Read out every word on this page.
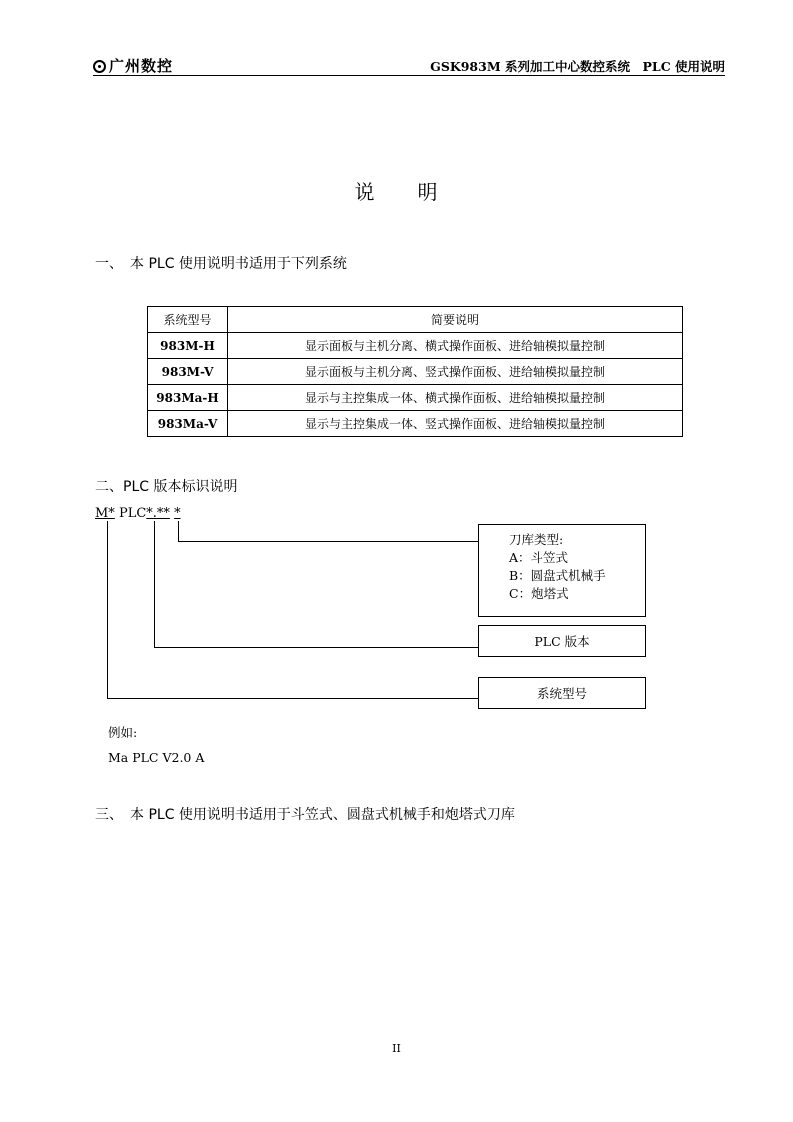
广州数控	GSK983M 系列加工中心数控系统　PLC 使用说明
说　　明
一、　本 PLC 使用说明书适用于下列系统
系统型号	简要说明
983M-H	显示面板与主机分离、横式操作面板、进给轴模拟量控制
983M-V	显示面板与主机分离、竖式操作面板、进给轴模拟量控制
983Ma-H	显示与主控集成一体、横式操作面板、进给轴模拟量控制
983Ma-V	显示与主控集成一体、竖式操作面板、进给轴模拟量控制
二、PLC 版本标识说明
M* PLC*.** *
刀库类型:
A：斗笠式
B：圆盘式机械手
C：炮塔式
PLC 版本
系统型号
例如:
Ma PLC V2.0 A
三、　本 PLC 使用说明书适用于斗笠式、圆盘式机械手和炮塔式刀库
II
